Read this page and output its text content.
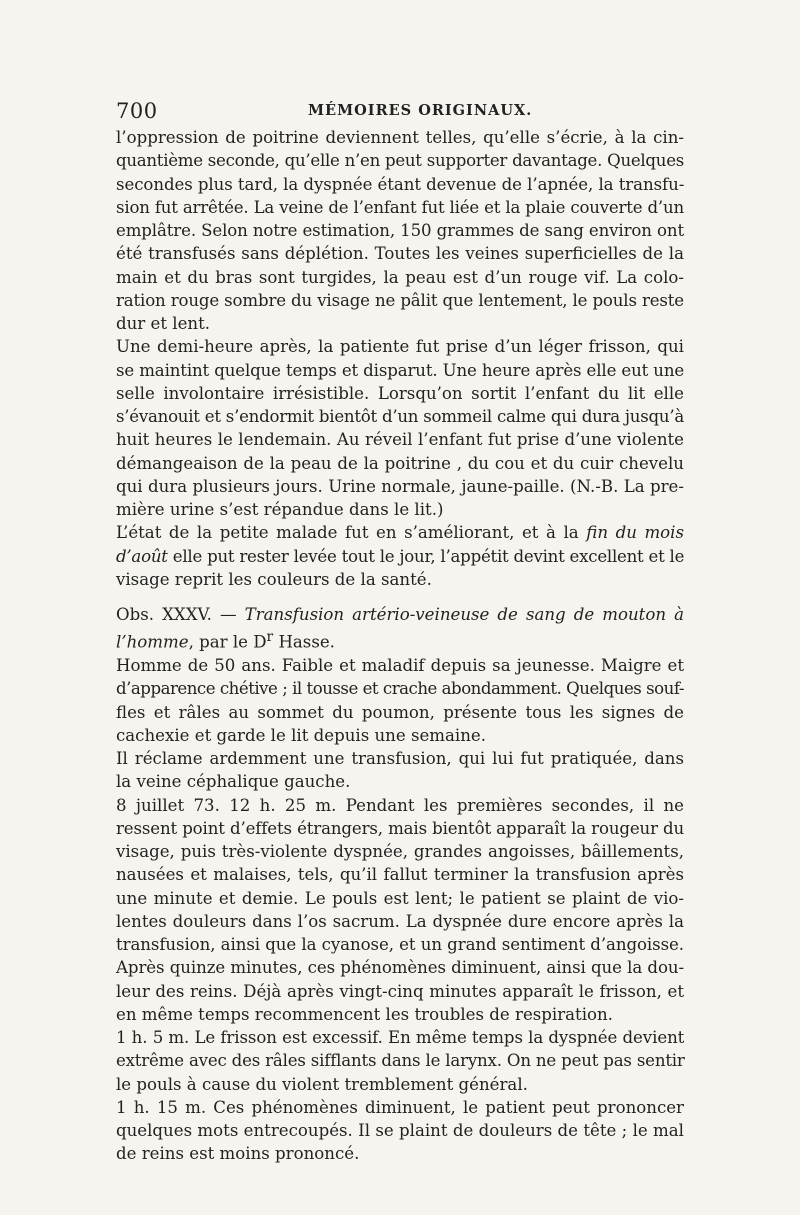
700	MÉMOIRES ORIGINAUX.
l’oppression de poitrine deviennent telles, qu’elle s’écrie, à la cin-
quantième seconde, qu’elle n’en peut supporter davantage. Quelques
secondes plus tard, la dyspnée étant devenue de l’apnée, la transfu-
sion fut arrêtée. La veine de l’enfant fut liée et la plaie couverte d’un
emplâtre. Selon notre estimation, 150 grammes de sang environ ont
été transfusés sans déplétion. Toutes les veines superficielles de la
main et du bras sont turgides, la peau est d’un rouge vif. La colo-
ration rouge sombre du visage ne pâlit que lentement, le pouls reste
dur et lent.
Une demi-heure après, la patiente fut prise d’un léger frisson, qui
se maintint quelque temps et disparut. Une heure après elle eut une
selle involontaire irrésistible. Lorsqu’on sortit l’enfant du lit elle
s’évanouit et s’endormit bientôt d’un sommeil calme qui dura jusqu’à
huit heures le lendemain. Au réveil l’enfant fut prise d’une violente
démangeaison de la peau de la poitrine , du cou et du cuir chevelu
qui dura plusieurs jours. Urine normale, jaune-paille. (N.-B. La pre-
mière urine s’est répandue dans le lit.)
L’état de la petite malade fut en s’améliorant, et à la fin du mois
d’août elle put rester levée tout le jour, l’appétit devint excellent et le
visage reprit les couleurs de la santé.
Obs. XXXV. — Transfusion artério-veineuse de sang de mouton à
l’homme, par le $D^r$ Hasse.
Homme de 50 ans. Faible et maladif depuis sa jeunesse. Maigre et
d’apparence chétive ; il tousse et crache abondamment. Quelques souf-
fles et râles au sommet du poumon, présente tous les signes de
cachexie et garde le lit depuis une semaine.
Il réclame ardemment une transfusion, qui lui fut pratiquée, dans
la veine céphalique gauche.
8 juillet 73. 12 h. 25 m. Pendant les premières secondes, il ne
ressent point d’effets étrangers, mais bientôt apparaît la rougeur du
visage, puis très-violente dyspnée, grandes angoisses, bâillements,
nausées et malaises, tels, qu’il fallut terminer la transfusion après
une minute et demie. Le pouls est lent; le patient se plaint de vio-
lentes douleurs dans l’os sacrum. La dyspnée dure encore après la
transfusion, ainsi que la cyanose, et un grand sentiment d’angoisse.
Après quinze minutes, ces phénomènes diminuent, ainsi que la dou-
leur des reins. Déjà après vingt-cinq minutes apparaît le frisson, et
en même temps recommencent les troubles de respiration.
1 h. 5 m. Le frisson est excessif. En même temps la dyspnée devient
extrême avec des râles sifflants dans le larynx. On ne peut pas sentir
le pouls à cause du violent tremblement général.
1 h. 15 m. Ces phénomènes diminuent, le patient peut prononcer
quelques mots entrecoupés. Il se plaint de douleurs de tête ; le mal
de reins est moins prononcé.
